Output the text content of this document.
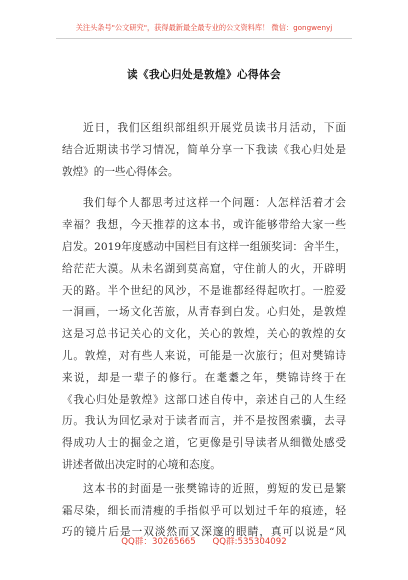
关注头条号"公文研究"，获得最新最全最专业的公文资料库！ 微信：gongwenyj
读《我心归处是敦煌》心得体会
近日，我们区组织部组织开展党员读书月活动，下面
结合近期读书学习情况，简单分享一下我读《我心归处是
敦煌》的一些心得体会。
我们每个人都思考过这样一个问题：人怎样活着才会
幸福？我想，今天推荐的这本书，或许能够带给大家一些
启发。2019年度感动中国栏目有这样一组颁奖词：舍半生，
给茫茫大漠。从未名湖到莫高窟，守住前人的火，开辟明
天的路。半个世纪的风沙，不是谁都经得起吹打。一腔爱
一洞画，一场文化苦旅，从青春到白发。心归处，是敦煌
这是习总书记关心的文化，关心的敦煌，关心的敦煌的女
儿。敦煌，对有些人来说，可能是一次旅行；但对樊锦诗
来说，却是一辈子的修行。在耄耋之年，樊锦诗终于在
《我心归处是敦煌》这部口述自传中，亲述自己的人生经
历。我认为回忆录对于读者而言，并不是按图索骥，去寻
得成功人士的掘金之道，它更像是引导读者从细微处感受
讲述者做出决定时的心境和态度。
这本书的封面是一张樊锦诗的近照，剪短的发已是繁
霜尽染，细长而清瘦的手指似乎可以划过千年的痕迹，轻
巧的镜片后是一双淡然而又深邃的眼睛，真可以说是“风
QQ群：30265665 QQ群:535304092
